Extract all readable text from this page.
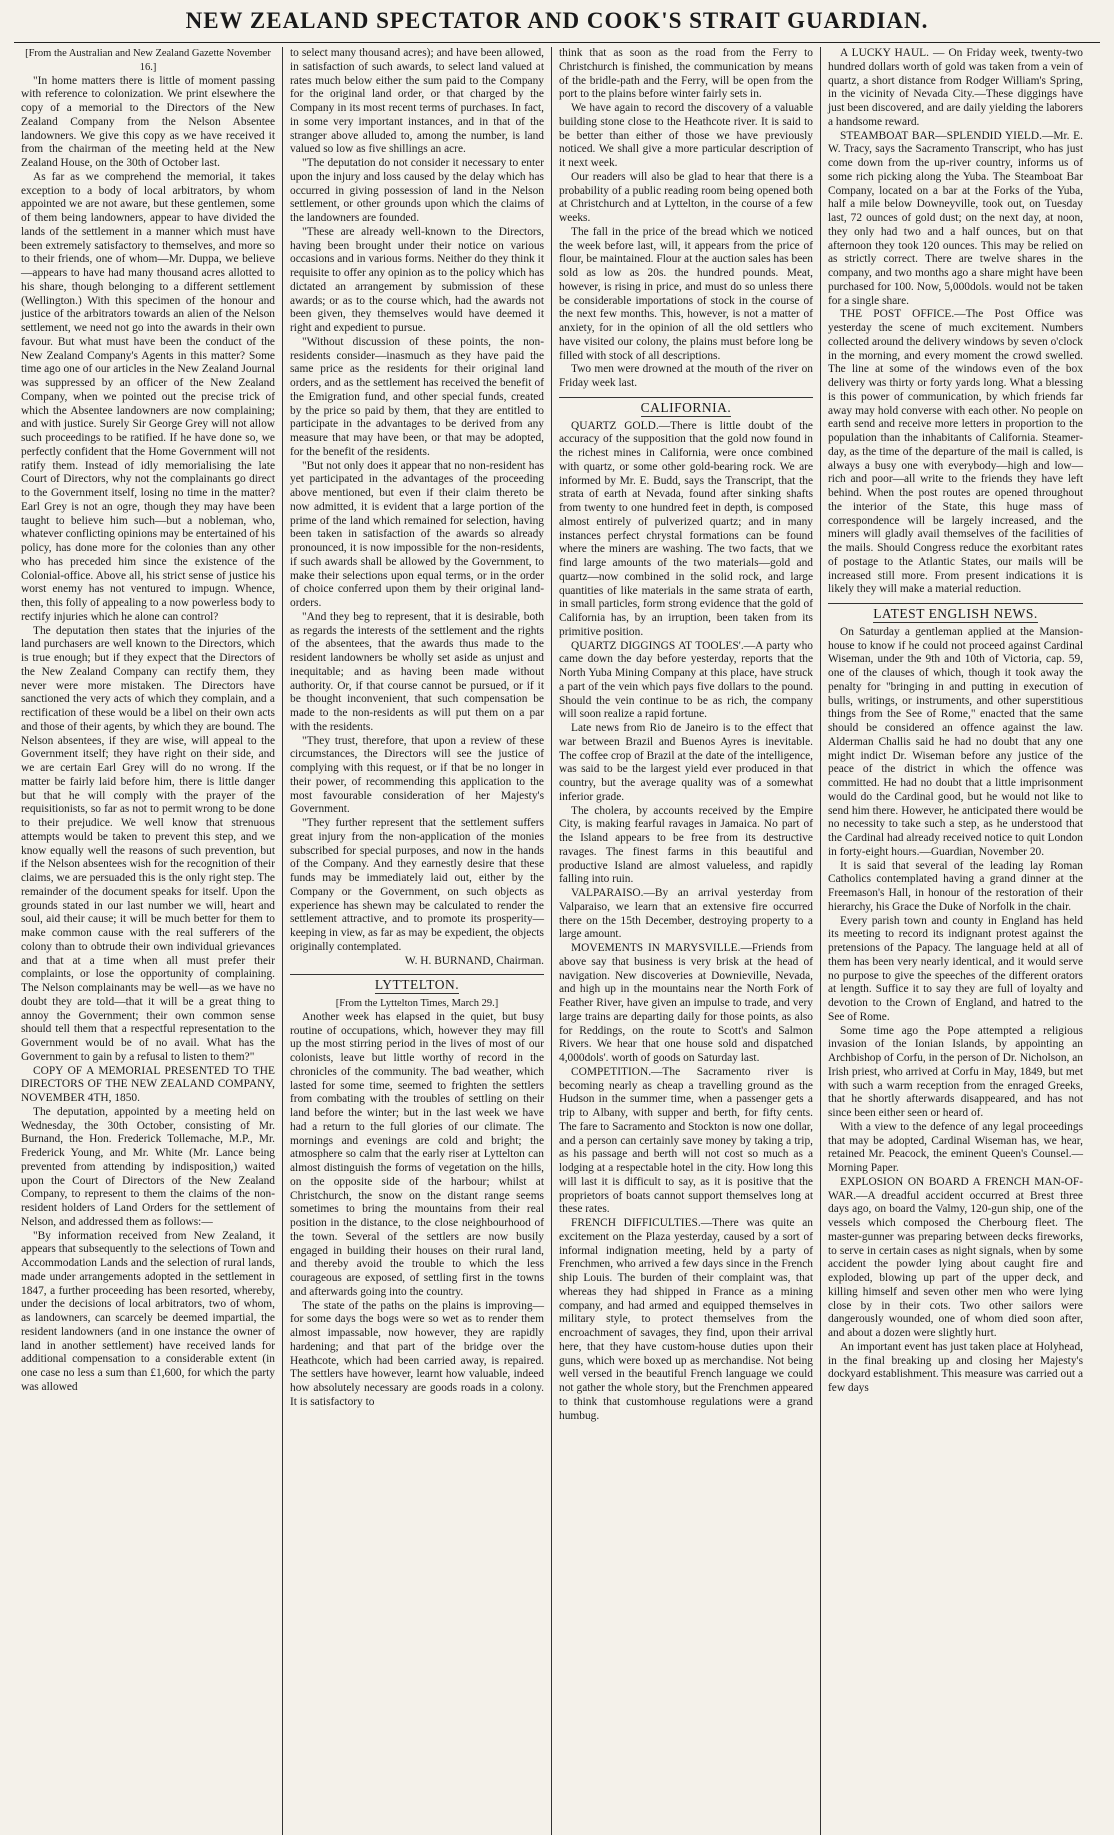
NEW ZEALAND SPECTATOR AND COOK'S STRAIT GUARDIAN.

[From the Australian and New Zealand Gazette November 16.]

"In home matters there is little of moment passing with reference to colonization. We print elsewhere the copy of a memorial to the Directors of the New Zealand Company from the Nelson Absentee landowners. We give this copy as we have received it from the chairman of the meeting held at the New Zealand House, on the 30th of October last.

As far as we comprehend the memorial, it takes exception to a body of local arbitrators, by whom appointed we are not aware, but these gentlemen, some of them being landowners, appear to have divided the lands of the settlement in a manner which must have been extremely satisfactory to themselves, and more so to their friends, one of whom—Mr. Duppa, we believe—appears to have had many thousand acres allotted to his share, though belonging to a different settlement (Wellington.) With this specimen of the honour and justice of the arbitrators towards an alien of the Nelson settlement, we need not go into the awards in their own favour. But what must have been the conduct of the New Zealand Company's Agents in this matter? Some time ago one of our articles in the New Zealand Journal was suppressed by an officer of the New Zealand Company, when we pointed out the precise trick of which the Absentee landowners are now complaining; and with justice. Surely Sir George Grey will not allow such proceedings to be ratified. If he have done so, we perfectly confident that the Home Government will not ratify them. Instead of idly memorialising the late Court of Directors, why not the complainants go direct to the Government itself, losing no time in the matter? Earl Grey is not an ogre, though they may have been taught to believe him such—but a nobleman, who, whatever conflicting opinions may be entertained of his policy, has done more for the colonies than any other who has preceded him since the existence of the Colonial-office. Above all, his strict sense of justice his worst enemy has not ventured to impugn. Whence, then, this folly of appealing to a now powerless body to rectify injuries which he alone can control?

The deputation then states that the injuries of the land purchasers are well known to the Directors, which is true enough; but if they expect that the Directors of the New Zealand Company can rectify them, they never were more mistaken. The Directors have sanctioned the very acts of which they complain, and a rectification of these would be a libel on their own acts and those of their agents, by which they are bound. The Nelson absentees, if they are wise, will appeal to the Government itself; they have right on their side, and we are certain Earl Grey will do no wrong. If the matter be fairly laid before him, there is little danger but that he will comply with the prayer of the requisitionists, so far as not to permit wrong to be done to their prejudice. We well know that strenuous attempts would be taken to prevent this step, and we know equally well the reasons of such prevention, but if the Nelson absentees wish for the recognition of their claims, we are persuaded this is the only right step. The remainder of the document speaks for itself. Upon the grounds stated in our last number we will, heart and soul, aid their cause; it will be much better for them to make common cause with the real sufferers of the colony than to obtrude their own individual grievances and that at a time when all must prefer their complaints, or lose the opportunity of complaining. The Nelson complainants may be well—as we have no doubt they are told—that it will be a great thing to annoy the Government; their own common sense should tell them that a respectful representation to the Government would be of no avail. What has the Government to gain by a refusal to listen to them?"

COPY OF A MEMORIAL PRESENTED TO THE DIRECTORS OF THE NEW ZEALAND COMPANY, NOVEMBER 4TH, 1850.

The deputation, appointed by a meeting held on Wednesday, the 30th October, consisting of Mr. Burnand, the Hon. Frederick Tollemache, M.P., Mr. Frederick Young, and Mr. White (Mr. Lance being prevented from attending by indisposition,) waited upon the Court of Directors of the New Zealand Company, to represent to them the claims of the non-resident holders of Land Orders for the settlement of Nelson, and addressed them as follows:—

"By information received from New Zealand, it appears that subsequently to the selections of Town and Accommodation Lands and the selection of rural lands, made under arrangements adopted in the settlement in 1847, a further proceeding has been resorted, whereby, under the decisions of local arbitrators, two of whom, as landowners, can scarcely be deemed impartial, the resident landowners (and in one instance the owner of land in another settlement) have received lands for additional compensation to a considerable extent (in one case no less a sum than £1,600, for which the party was allowed

to select many thousand acres); and have been allowed, in satisfaction of such awards, to select land valued at rates much below either the sum paid to the Company for the original land order, or that charged by the Company in its most recent terms of purchases. In fact, in some very important instances, and in that of the stranger above alluded to, among the number, is land valued so low as five shillings an acre.

"The deputation do not consider it necessary to enter upon the injury and loss caused by the delay which has occurred in giving possession of land in the Nelson settlement, or other grounds upon which the claims of the landowners are founded.

"These are already well-known to the Directors, having been brought under their notice on various occasions and in various forms. Neither do they think it requisite to offer any opinion as to the policy which has dictated an arrangement by submission of these awards; or as to the course which, had the awards not been given, they themselves would have deemed it right and expedient to pursue.

"Without discussion of these points, the non-residents consider—inasmuch as they have paid the same price as the residents for their original land orders, and as the settlement has received the benefit of the Emigration fund, and other special funds, created by the price so paid by them, that they are entitled to participate in the advantages to be derived from any measure that may have been, or that may be adopted, for the benefit of the residents.

"But not only does it appear that no non-resident has yet participated in the advantages of the proceeding above mentioned, but even if their claim thereto be now admitted, it is evident that a large portion of the prime of the land which remained for selection, having been taken in satisfaction of the awards so already pronounced, it is now impossible for the non-residents, if such awards shall be allowed by the Government, to make their selections upon equal terms, or in the order of choice conferred upon them by their original land-orders.

"And they beg to represent, that it is desirable, both as regards the interests of the settlement and the rights of the absentees, that the awards thus made to the resident landowners be wholly set aside as unjust and inequitable; and as having been made without authority. Or, if that course cannot be pursued, or if it be thought inconvenient, that such compensation be made to the non-residents as will put them on a par with the residents.

"They trust, therefore, that upon a review of these circumstances, the Directors will see the justice of complying with this request, or if that be no longer in their power, of recommending this application to the most favourable consideration of her Majesty's Government.

"They further represent that the settlement suffers great injury from the non-application of the monies subscribed for special purposes, and now in the hands of the Company. And they earnestly desire that these funds may be immediately laid out, either by the Company or the Government, on such objects as experience has shewn may be calculated to render the settlement attractive, and to promote its prosperity—keeping in view, as far as may be expedient, the objects originally contemplated.

W. H. BURNAND, Chairman.

LYTTELTON.

[From the Lyttelton Times, March 29.]

Another week has elapsed in the quiet, but busy routine of occupations, which, however they may fill up the most stirring period in the lives of most of our colonists, leave but little worthy of record in the chronicles of the community. The bad weather, which lasted for some time, seemed to frighten the settlers from combating with the troubles of settling on their land before the winter; but in the last week we have had a return to the full glories of our climate. The mornings and evenings are cold and bright; the atmosphere so calm that the early riser at Lyttelton can almost distinguish the forms of vegetation on the hills, on the opposite side of the harbour; whilst at Christchurch, the snow on the distant range seems sometimes to bring the mountains from their real position in the distance, to the close neighbourhood of the town. Several of the settlers are now busily engaged in building their houses on their rural land, and thereby avoid the trouble to which the less courageous are exposed, of settling first in the towns and afterwards going into the country.

The state of the paths on the plains is improving—for some days the bogs were so wet as to render them almost impassable, now however, they are rapidly hardening; and that part of the bridge over the Heathcote, which had been carried away, is repaired. The settlers have however, learnt how valuable, indeed how absolutely necessary are goods roads in a colony. It is satisfactory to

think that as soon as the road from the Ferry to Christchurch is finished, the communication by means of the bridle-path and the Ferry, will be open from the port to the plains before winter fairly sets in.

We have again to record the discovery of a valuable building stone close to the Heathcote river. It is said to be better than either of those we have previously noticed. We shall give a more particular description of it next week.

Our readers will also be glad to hear that there is a probability of a public reading room being opened both at Christchurch and at Lyttelton, in the course of a few weeks.

The fall in the price of the bread which we noticed the week before last, will, it appears from the price of flour, be maintained. Flour at the auction sales has been sold as low as 20s. the hundred pounds. Meat, however, is rising in price, and must do so unless there be considerable importations of stock in the course of the next few months. This, however, is not a matter of anxiety, for in the opinion of all the old settlers who have visited our colony, the plains must before long be filled with stock of all descriptions.

Two men were drowned at the mouth of the river on Friday week last.

CALIFORNIA.

QUARTZ GOLD.—There is little doubt of the accuracy of the supposition that the gold now found in the richest mines in California, were once combined with quartz, or some other gold-bearing rock. We are informed by Mr. E. Budd, says the Transcript, that the strata of earth at Nevada, found after sinking shafts from twenty to one hundred feet in depth, is composed almost entirely of pulverized quartz; and in many instances perfect chrystal formations can be found where the miners are washing. The two facts, that we find large amounts of the two materials—gold and quartz—now combined in the solid rock, and large quantities of like materials in the same strata of earth, in small particles, form strong evidence that the gold of California has, by an irruption, been taken from its primitive position.

QUARTZ DIGGINGS AT TOOLES'.—A party who came down the day before yesterday, reports that the North Yuba Mining Company at this place, have struck a part of the vein which pays five dollars to the pound. Should the vein continue to be as rich, the company will soon realize a rapid fortune.

Late news from Rio de Janeiro is to the effect that war between Brazil and Buenos Ayres is inevitable. The coffee crop of Brazil at the date of the intelligence, was said to be the largest yield ever produced in that country, but the average quality was of a somewhat inferior grade.

The cholera, by accounts received by the Empire City, is making fearful ravages in Jamaica. No part of the Island appears to be free from its destructive ravages. The finest farms in this beautiful and productive Island are almost valueless, and rapidly falling into ruin.

VALPARAISO.—By an arrival yesterday from Valparaiso, we learn that an extensive fire occurred there on the 15th December, destroying property to a large amount.

MOVEMENTS IN MARYSVILLE.—Friends from above say that business is very brisk at the head of navigation. New discoveries at Downieville, Nevada, and high up in the mountains near the North Fork of Feather River, have given an impulse to trade, and very large trains are departing daily for those points, as also for Reddings, on the route to Scott's and Salmon Rivers. We hear that one house sold and dispatched 4,000dols'. worth of goods on Saturday last.

COMPETITION.—The Sacramento river is becoming nearly as cheap a travelling ground as the Hudson in the summer time, when a passenger gets a trip to Albany, with supper and berth, for fifty cents. The fare to Sacramento and Stockton is now one dollar, and a person can certainly save money by taking a trip, as his passage and berth will not cost so much as a lodging at a respectable hotel in the city. How long this will last it is difficult to say, as it is positive that the proprietors of boats cannot support themselves long at these rates.

FRENCH DIFFICULTIES.—There was quite an excitement on the Plaza yesterday, caused by a sort of informal indignation meeting, held by a party of Frenchmen, who arrived a few days since in the French ship Louis. The burden of their complaint was, that whereas they had shipped in France as a mining company, and had armed and equipped themselves in military style, to protect themselves from the encroachment of savages, they find, upon their arrival here, that they have custom-house duties upon their guns, which were boxed up as merchandise. Not being well versed in the beautiful French language we could not gather the whole story, but the Frenchmen appeared to think that customhouse regulations were a grand humbug.

A LUCKY HAUL. — On Friday week, twenty-two hundred dollars worth of gold was taken from a vein of quartz, a short distance from Rodger William's Spring, in the vicinity of Nevada City.—These diggings have just been discovered, and are daily yielding the laborers a handsome reward.

STEAMBOAT BAR—SPLENDID YIELD.—Mr. E. W. Tracy, says the Sacramento Transcript, who has just come down from the up-river country, informs us of some rich picking along the Yuba. The Steamboat Bar Company, located on a bar at the Forks of the Yuba, half a mile below Downeyville, took out, on Tuesday last, 72 ounces of gold dust; on the next day, at noon, they only had two and a half ounces, but on that afternoon they took 120 ounces. This may be relied on as strictly correct. There are twelve shares in the company, and two months ago a share might have been purchased for 100. Now, 5,000dols. would not be taken for a single share.

THE POST OFFICE.—The Post Office was yesterday the scene of much excitement. Numbers collected around the delivery windows by seven o'clock in the morning, and every moment the crowd swelled. The line at some of the windows even of the box delivery was thirty or forty yards long. What a blessing is this power of communication, by which friends far away may hold converse with each other. No people on earth send and receive more letters in proportion to the population than the inhabitants of California. Steamer-day, as the time of the departure of the mail is called, is always a busy one with everybody—high and low—rich and poor—all write to the friends they have left behind. When the post routes are opened throughout the interior of the State, this huge mass of correspondence will be largely increased, and the miners will gladly avail themselves of the facilities of the mails. Should Congress reduce the exorbitant rates of postage to the Atlantic States, our mails will be increased still more. From present indications it is likely they will make a material reduction.

LATEST ENGLISH NEWS.

On Saturday a gentleman applied at the Mansion-house to know if he could not proceed against Cardinal Wiseman, under the 9th and 10th of Victoria, cap. 59, one of the clauses of which, though it took away the penalty for "bringing in and putting in execution of bulls, writings, or instruments, and other superstitious things from the See of Rome," enacted that the same should be considered an offence against the law. Alderman Challis said he had no doubt that any one might indict Dr. Wiseman before any justice of the peace of the district in which the offence was committed. He had no doubt that a little imprisonment would do the Cardinal good, but he would not like to send him there. However, he anticipated there would be no necessity to take such a step, as he understood that the Cardinal had already received notice to quit London in forty-eight hours.—Guardian, November 20.

It is said that several of the leading lay Roman Catholics contemplated having a grand dinner at the Freemason's Hall, in honour of the restoration of their hierarchy, his Grace the Duke of Norfolk in the chair.

Every parish town and county in England has held its meeting to record its indignant protest against the pretensions of the Papacy. The language held at all of them has been very nearly identical, and it would serve no purpose to give the speeches of the different orators at length. Suffice it to say they are full of loyalty and devotion to the Crown of England, and hatred to the See of Rome.

Some time ago the Pope attempted a religious invasion of the Ionian Islands, by appointing an Archbishop of Corfu, in the person of Dr. Nicholson, an Irish priest, who arrived at Corfu in May, 1849, but met with such a warm reception from the enraged Greeks, that he shortly afterwards disappeared, and has not since been either seen or heard of.

With a view to the defence of any legal proceedings that may be adopted, Cardinal Wiseman has, we hear, retained Mr. Peacock, the eminent Queen's Counsel.—Morning Paper.

EXPLOSION ON BOARD A FRENCH MAN-OF-WAR.—A dreadful accident occurred at Brest three days ago, on board the Valmy, 120-gun ship, one of the vessels which composed the Cherbourg fleet. The master-gunner was preparing between decks fireworks, to serve in certain cases as night signals, when by some accident the powder lying about caught fire and exploded, blowing up part of the upper deck, and killing himself and seven other men who were lying close by in their cots. Two other sailors were dangerously wounded, one of whom died soon after, and about a dozen were slightly hurt.

An important event has just taken place at Holyhead, in the final breaking up and closing her Majesty's dockyard establishment. This measure was carried out a few days
